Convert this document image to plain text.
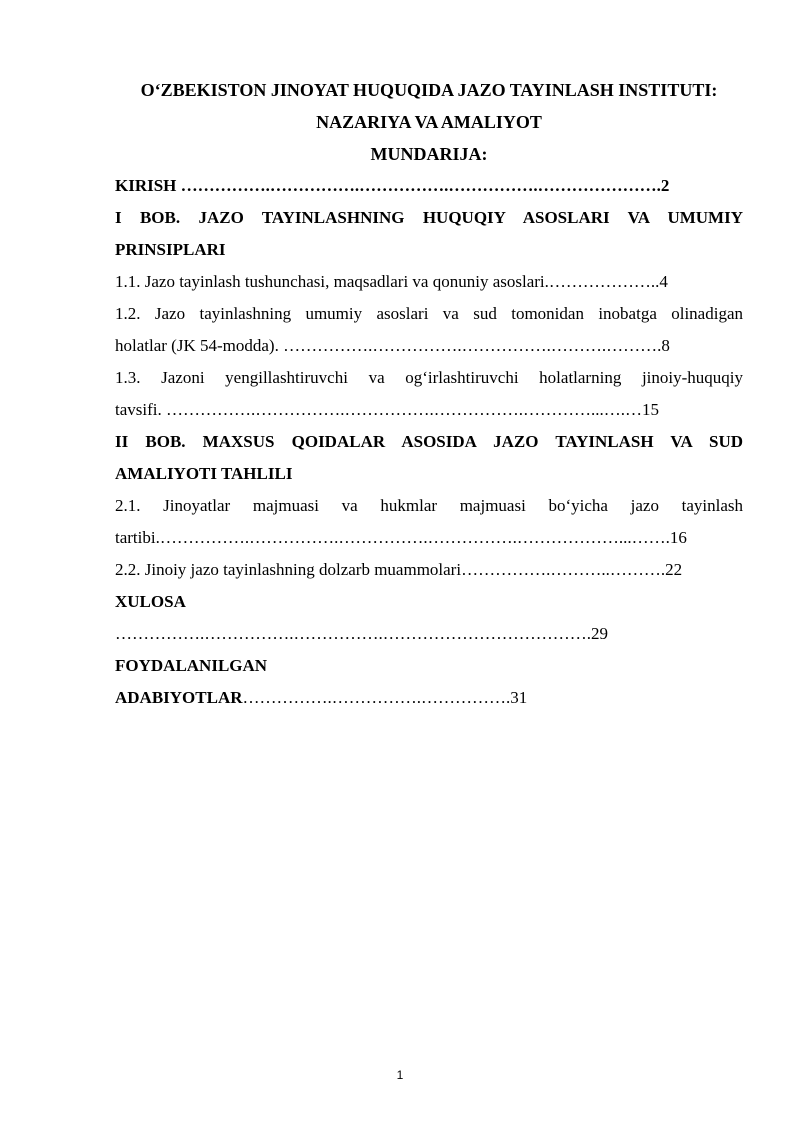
O‘ZBEKISTON JINOYAT HUQUQIDA JAZO TAYINLASH INSTITUTI:

NAZARIYA VA AMALIYOT

MUNDARIJA:

KIRISH …………….…………….…………….…………….………………….2

I BOB. JAZO TAYINLASHNING HUQUQIY ASOSLARI VA UMUMIY

PRINSIPLARI

1.1. Jazo tayinlash tushunchasi, maqsadlari va qonuniy asoslari.………………..4

1.2. Jazo tayinlashning umumiy asoslari va sud tomonidan inobatga olinadigan

holatlar (JK 54-modda). …………….…………….…………….……….……….8

1.3. Jazoni yengillashtiruvchi va og‘irlashtiruvchi holatlarning jinoiy-huquqiy

tavsifi. …………….…………….…………….…………….…………...….…15

II BOB. MAXSUS QOIDALAR ASOSIDA JAZO TAYINLASH VA SUD

AMALIYOTI TAHLILI

2.1. Jinoyatlar majmuasi va hukmlar majmuasi bo‘yicha jazo tayinlash

tartibi.…………….…………….…………….…………….………………...…….16

2.2. Jinoiy jazo tayinlashning dolzarb muammolari…………….………..……….22

XULOSA

…………….…………….…………….……………………………….29

FOYDALANILGAN

ADABIYOTLAR…………….…………….…………….31

1
